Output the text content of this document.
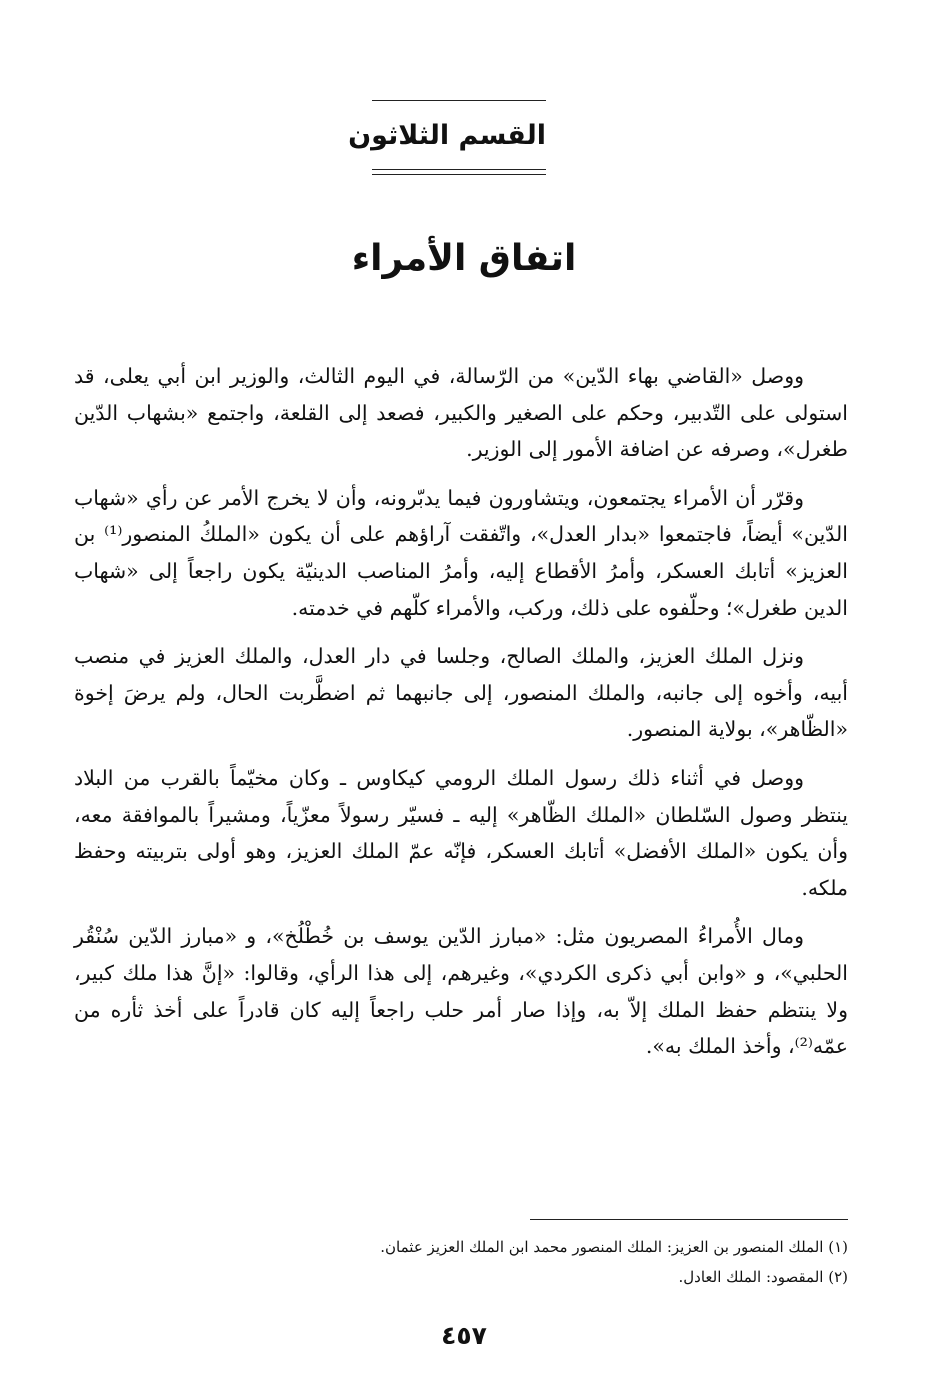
القسم الثلاثون
اتفاق الأمراء

ووصل «القاضي بهاء الدّين» من الرّسالة، في اليوم الثالث، والوزير ابن أبي يعلى، قد استولى على التّدبير، وحكم على الصغير والكبير، فصعد إلى القلعة، واجتمع «بشهاب الدّين طغرل»، وصرفه عن اضافة الأمور إلى الوزير.

وقرّر أن الأمراء يجتمعون، ويتشاورون فيما يدبّرونه، وأن لا يخرج الأمر عن رأي «شهاب الدّين» أيضاً، فاجتمعوا «بدار العدل»، واتّفقت آراؤهم على أن يكون «الملكُ المنصور⁽¹⁾ بن العزيز» أتابك العسكر، وأمرُ الأقطاع إليه، وأمرُ المناصب الدينيّة يكون راجعاً إلى «شهاب الدين طغرل»؛ وحلّفوه على ذلك، وركب، والأمراء كلّهم في خدمته.

ونزل الملك العزيز، والملك الصالح، وجلسا في دار العدل، والملك العزيز في منصب أبيه، وأخوه إلى جانبه، والملك المنصور، إلى جانبهما ثم اضطَّربت الحال، ولم يرضَ إخوة «الظّاهر»، بولاية المنصور.

ووصل في أثناء ذلك رسول الملك الرومي كيكاوس ـ وكان مخيّماً بالقرب من البلاد ينتظر وصول السّلطان «الملك الظّاهر» إليه ـ فسيّر رسولاً معزّياً، ومشيراً بالموافقة معه، وأن يكون «الملك الأفضل» أتابك العسكر، فإنّه عمّ الملك العزيز، وهو أولى بتربيته وحفظ ملكه.

ومال الأُمراءُ المصريون مثل: «مبارز الدّين يوسف بن خُطْلُخ»، و «مبارز الدّين سُنْقُر الحلبي»، و «وابن أبي ذكرى الكردي»، وغيرهم، إلى هذا الرأي، وقالوا: «إنَّ هذا ملك كبير، ولا ينتظم حفظ الملك إلاّ به، وإذا صار أمر حلب راجعاً إليه كان قادراً على أخذ ثأره من عمّه⁽²⁾، وأخذ الملك به».

(١) الملك المنصور بن العزيز: الملك المنصور محمد ابن الملك العزيز عثمان.

(٢) المقصود: الملك العادل.

٤٥٧
